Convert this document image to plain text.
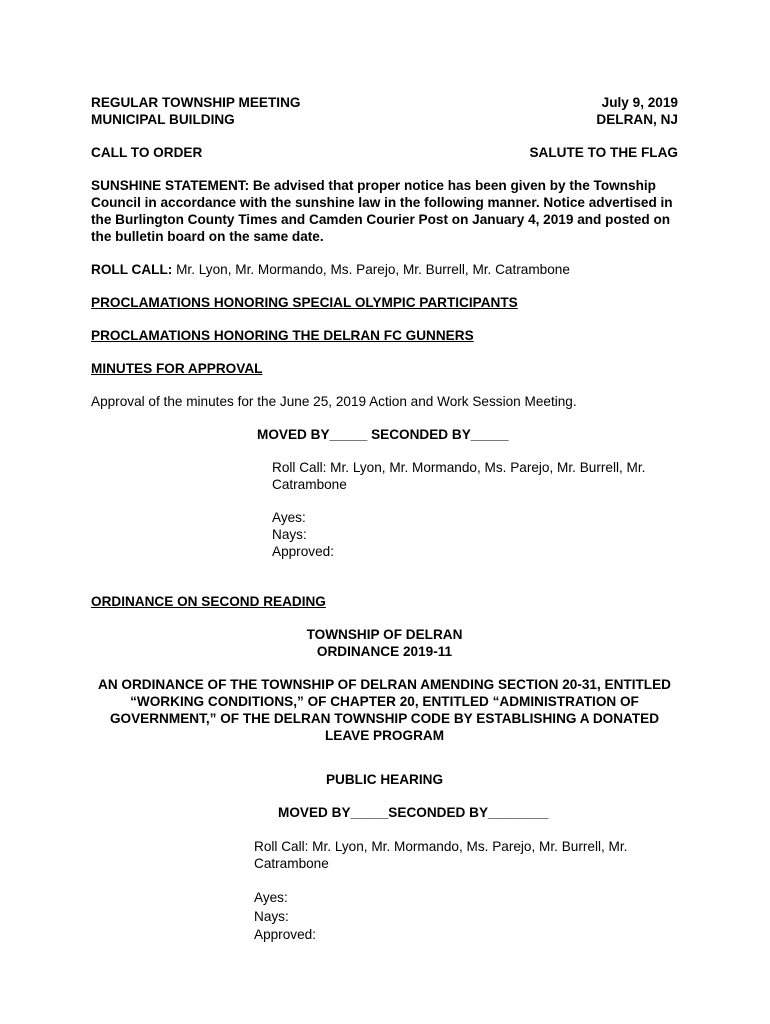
REGULAR TOWNSHIP MEETING	July 9, 2019
MUNICIPAL BUILDING	DELRAN, NJ
CALL TO ORDER	SALUTE TO THE FLAG

SUNSHINE STATEMENT: Be advised that proper notice has been given by the Township Council in accordance with the sunshine law in the following manner. Notice advertised in the Burlington County Times and Camden Courier Post on January 4, 2019 and posted on the bulletin board on the same date.

ROLL CALL: Mr. Lyon, Mr. Mormando, Ms. Parejo, Mr. Burrell, Mr. Catrambone

PROCLAMATIONS HONORING SPECIAL OLYMPIC PARTICIPANTS

PROCLAMATIONS HONORING THE DELRAN FC GUNNERS

MINUTES FOR APPROVAL

Approval of the minutes for the June 25, 2019 Action and Work Session Meeting.

MOVED BY_____ SECONDED BY_____

Roll Call: Mr. Lyon, Mr. Mormando, Ms. Parejo, Mr. Burrell, Mr.

Catrambone

Ayes:

Nays:

Approved:

ORDINANCE ON SECOND READING

TOWNSHIP OF DELRAN

ORDINANCE 2019-11

AN ORDINANCE OF THE TOWNSHIP OF DELRAN AMENDING SECTION 20-31, ENTITLED

“WORKING CONDITIONS,” OF CHAPTER 20, ENTITLED “ADMINISTRATION OF

GOVERNMENT,” OF THE DELRAN TOWNSHIP CODE BY ESTABLISHING A DONATED

LEAVE PROGRAM

PUBLIC HEARING

MOVED BY_____SECONDED BY________

Roll Call: Mr. Lyon, Mr. Mormando, Ms. Parejo, Mr. Burrell, Mr.

Catrambone

Ayes:

Nays:

Approved:
